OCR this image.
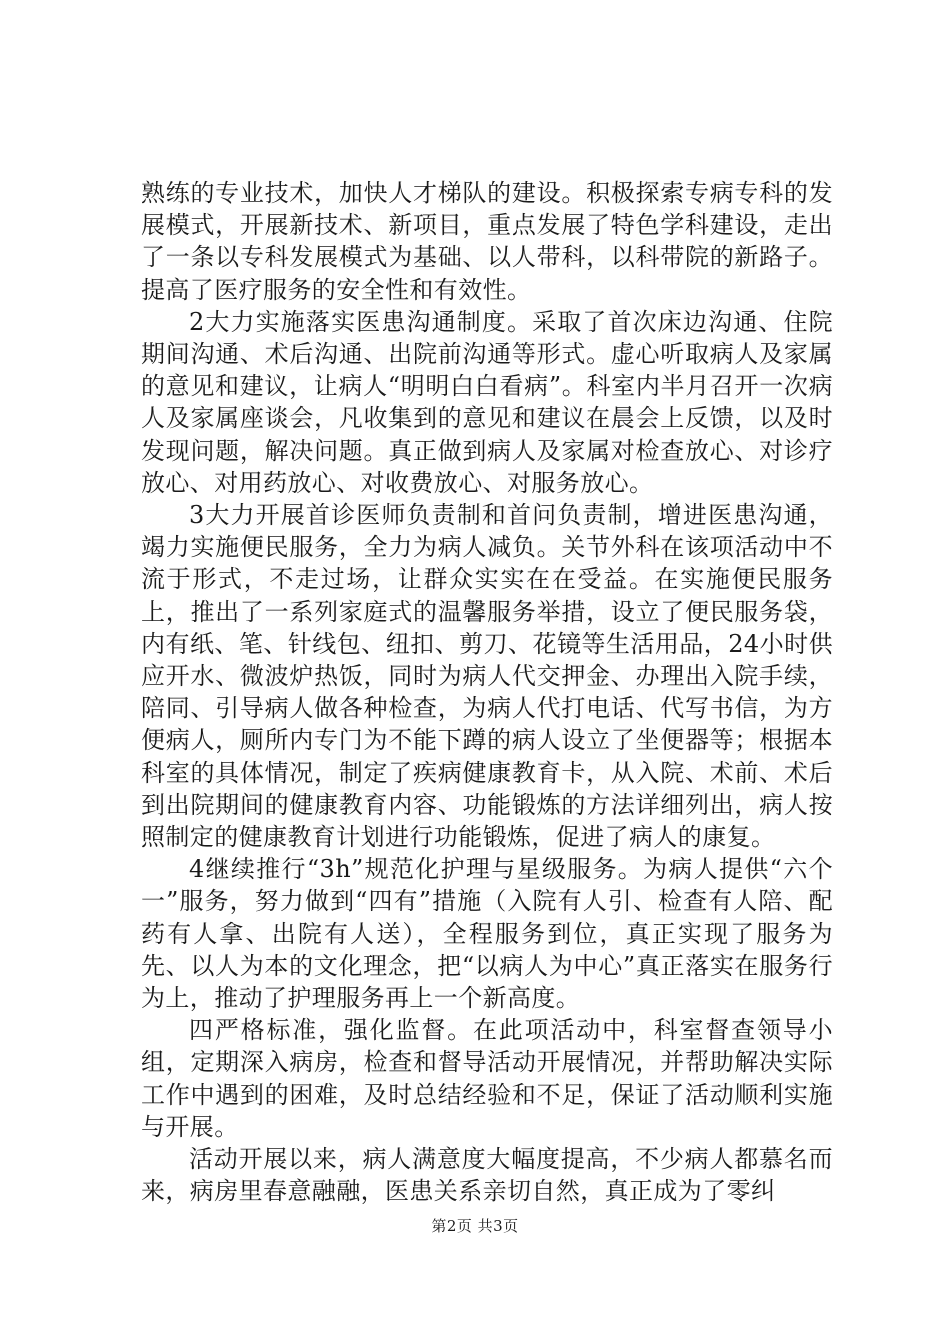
熟练的专业技术，加快人才梯队的建设。积极探索专病专科的发展模式，开展新技术、新项目，重点发展了特色学科建设，走出了一条以专科发展模式为基础、以人带科，以科带院的新路子。提高了医疗服务的安全性和有效性。

2大力实施落实医患沟通制度。采取了首次床边沟通、住院期间沟通、术后沟通、出院前沟通等形式。虚心听取病人及家属的意见和建议，让病人“明明白白看病”。科室内半月召开一次病人及家属座谈会，凡收集到的意见和建议在晨会上反馈，以及时发现问题，解决问题。真正做到病人及家属对检查放心、对诊疗放心、对用药放心、对收费放心、对服务放心。

3大力开展首诊医师负责制和首问负责制，增进医患沟通，竭力实施便民服务，全力为病人减负。关节外科在该项活动中不流于形式，不走过场，让群众实实在在受益。在实施便民服务上，推出了一系列家庭式的温馨服务举措，设立了便民服务袋，内有纸、笔、针线包、纽扣、剪刀、花镜等生活用品，24小时供应开水、微波炉热饭，同时为病人代交押金、办理出入院手续，陪同、引导病人做各种检查，为病人代打电话、代写书信，为方便病人，厕所内专门为不能下蹲的病人设立了坐便器等；根据本科室的具体情况，制定了疾病健康教育卡，从入院、术前、术后到出院期间的健康教育内容、功能锻炼的方法详细列出，病人按照制定的健康教育计划进行功能锻炼，促进了病人的康复。

4继续推行“3h”规范化护理与星级服务。为病人提供“六个一”服务，努力做到“四有”措施（入院有人引、检查有人陪、配药有人拿、出院有人送），全程服务到位，真正实现了服务为先、以人为本的文化理念，把“以病人为中心”真正落实在服务行为上，推动了护理服务再上一个新高度。

四严格标准，强化监督。在此项活动中，科室督查领导小组，定期深入病房，检查和督导活动开展情况，并帮助解决实际工作中遇到的困难，及时总结经验和不足，保证了活动顺利实施与开展。

活动开展以来，病人满意度大幅度提高，不少病人都慕名而来，病房里春意融融，医患关系亲切自然，真正成为了零纠

第2页 共3页
